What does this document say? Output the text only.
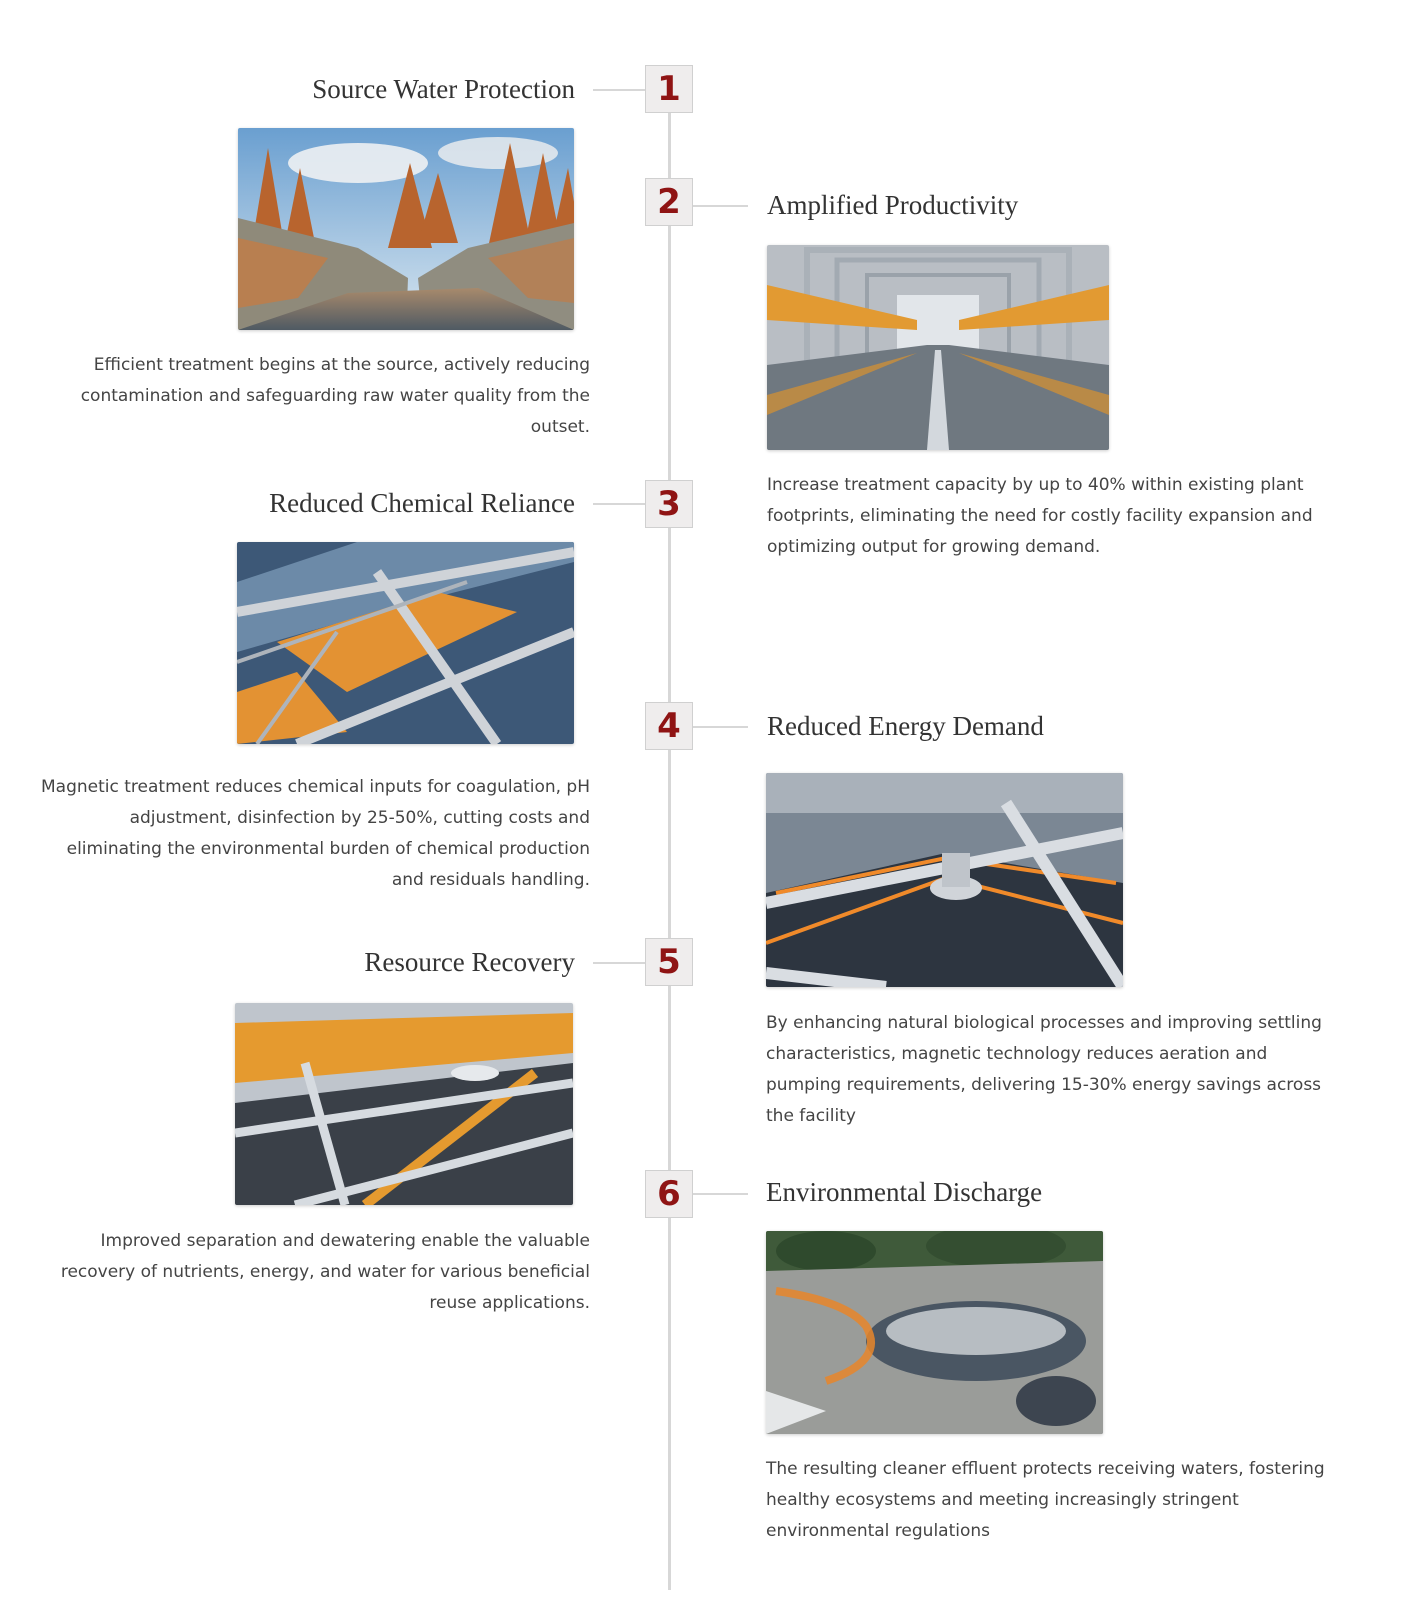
1
Source Water Protection

Efficient treatment begins at the source, actively reducing contamination and safeguarding raw water quality from the outset.

2	Amplified Productivity

Increase treatment capacity by up to 40% within existing plant footprints, eliminating the need for costly facility expansion and optimizing output for growing demand.

3
Reduced Chemical Reliance

Magnetic treatment reduces chemical inputs for coagulation, pH adjustment, disinfection by 25-50%, cutting costs and eliminating the environmental burden of chemical production and residuals handling.

4	Reduced Energy Demand

By enhancing natural biological processes and improving settling characteristics, magnetic technology reduces aeration and pumping requirements, delivering 15-30% energy savings across the facility

5
Resource Recovery

Improved separation and dewatering enable the valuable recovery of nutrients, energy, and water for various beneficial reuse applications.

6	Environmental Discharge

The resulting cleaner effluent protects receiving waters, fostering healthy ecosystems and meeting increasingly stringent environmental regulations
